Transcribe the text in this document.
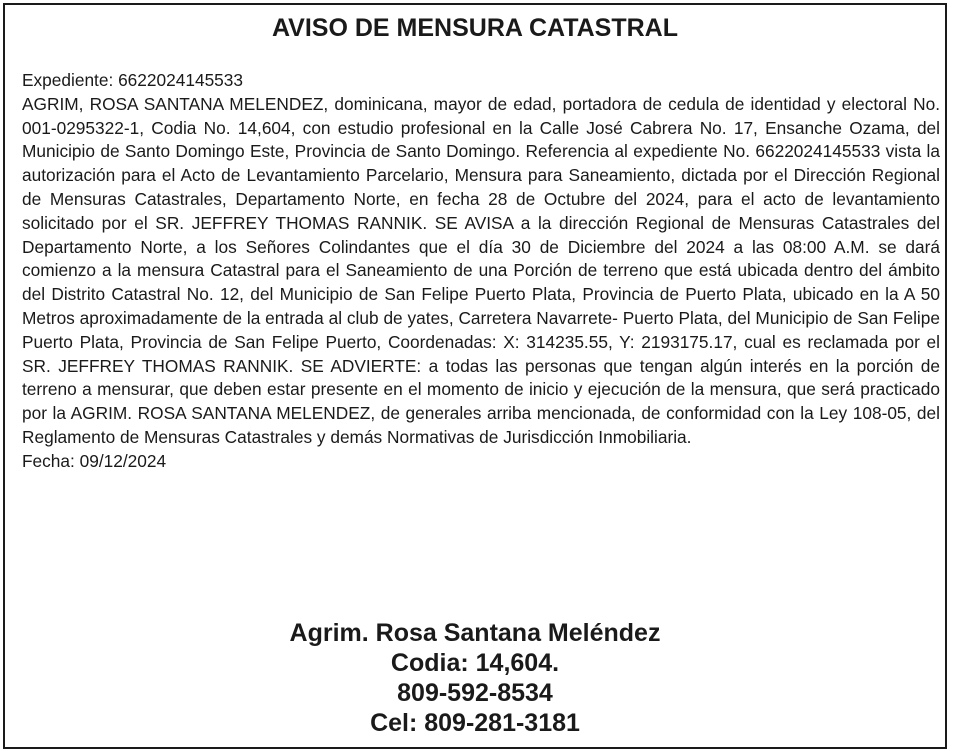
AVISO DE MENSURA CATASTRAL

Expediente: 6622024145533

AGRIM, ROSA SANTANA MELENDEZ, dominicana, mayor de edad, portadora de cedula de identidad y electoral No. 001-0295322-1, Codia No. 14,604, con estudio profesional en la Calle José Cabrera No. 17, Ensanche Ozama, del Municipio de Santo Domingo Este, Provincia de Santo Domingo. Referencia al expediente No. 6622024145533 vista la autorización para el Acto de Levantamiento Parcelario, Mensura para Saneamiento, dictada por el Dirección Regional de Mensuras Catastrales, Departamento Norte, en fecha 28 de Octubre del 2024, para el acto de levantamiento solicitado por el SR. JEFFREY THOMAS RANNIK. SE AVISA a la dirección Regional de Mensuras Catastrales del Departamento Norte, a los Señores Colindantes que el día 30 de Diciembre del 2024 a las 08:00 A.M. se dará comienzo a la mensura Catastral para el Saneamiento de una Porción de terreno que está ubicada dentro del ámbito del Distrito Catastral No. 12, del Municipio de San Felipe Puerto Plata, Provincia de Puerto Plata, ubicado en la A 50 Metros aproximadamente de la entrada al club de yates, Carretera Navarrete- Puerto Plata, del Municipio de San Felipe Puerto Plata, Provincia de San Felipe Puerto, Coordenadas: X: 314235.55, Y: 2193175.17, cual es reclamada por el SR. JEFFREY THOMAS RANNIK. SE ADVIERTE: a todas las personas que tengan algún interés en la porción de terreno a mensurar, que deben estar presente en el momento de inicio y ejecución de la mensura, que será practicado por la AGRIM. ROSA SANTANA MELENDEZ, de generales arriba mencionada, de conformidad con la Ley 108-05, del Reglamento de Mensuras Catastrales y demás Normativas de Jurisdicción Inmobiliaria.

Fecha: 09/12/2024

Agrim. Rosa Santana Meléndez
Codia: 14,604.
809-592-8534
Cel: 809-281-3181
